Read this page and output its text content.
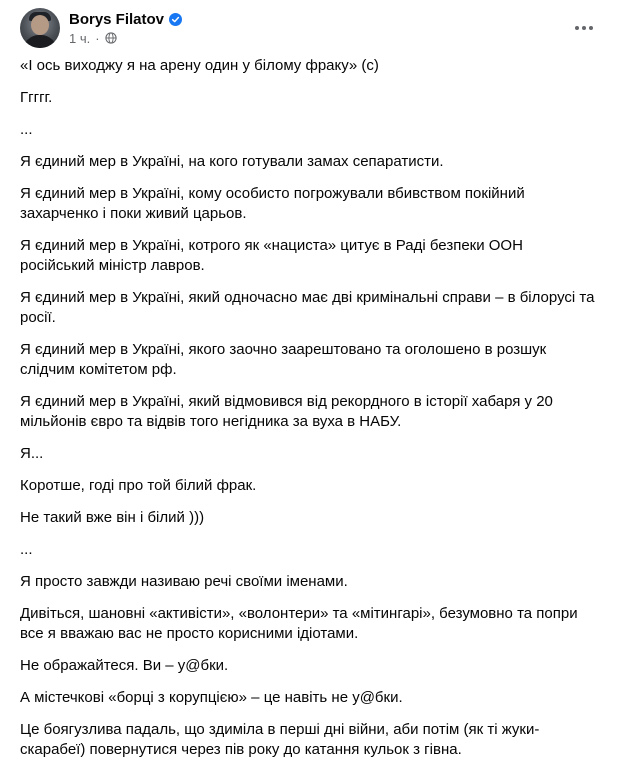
Borys Filatov
1 ч. ·

«І ось виходжу я на арену один у білому фраку» (с)

Ггггг.

...

Я єдиний мер в Україні, на кого готували замах сепаратисти.

Я єдиний мер в Україні, кому особисто погрожували вбивством покійний захарченко і поки живий царьов.

Я єдиний мер в Україні, котрого як «нациста» цитує в Раді безпеки ООН російський міністр лавров.

Я єдиний мер в Україні, який одночасно має дві кримінальні справи – в білорусі та росії.

Я єдиний мер в Україні, якого заочно заарештовано та оголошено в розшук слідчим комітетом рф.

Я єдиний мер в Україні, який відмовився від рекордного в історії хабаря у 20 мільйонів євро та відвів того негідника за вуха в НАБУ.

Я...

Коротше, годі про той білий фрак.

Не такий вже він і білий )))

...

Я просто завжди називаю речі своїми іменами.

Дивіться, шановні «активісти», «волонтери» та «мітингарі», безумовно та попри все я вважаю вас не просто корисними ідіотами.

Не ображайтеся. Ви – у@бки.

А містечкові «борці з корупцією» – це навіть не у@бки.

Це боягузлива падаль, що здиміла в перші дні війни, аби потім (як ті жуки-скарабеї) повернутися через пів року до катання кульок з гівна.
